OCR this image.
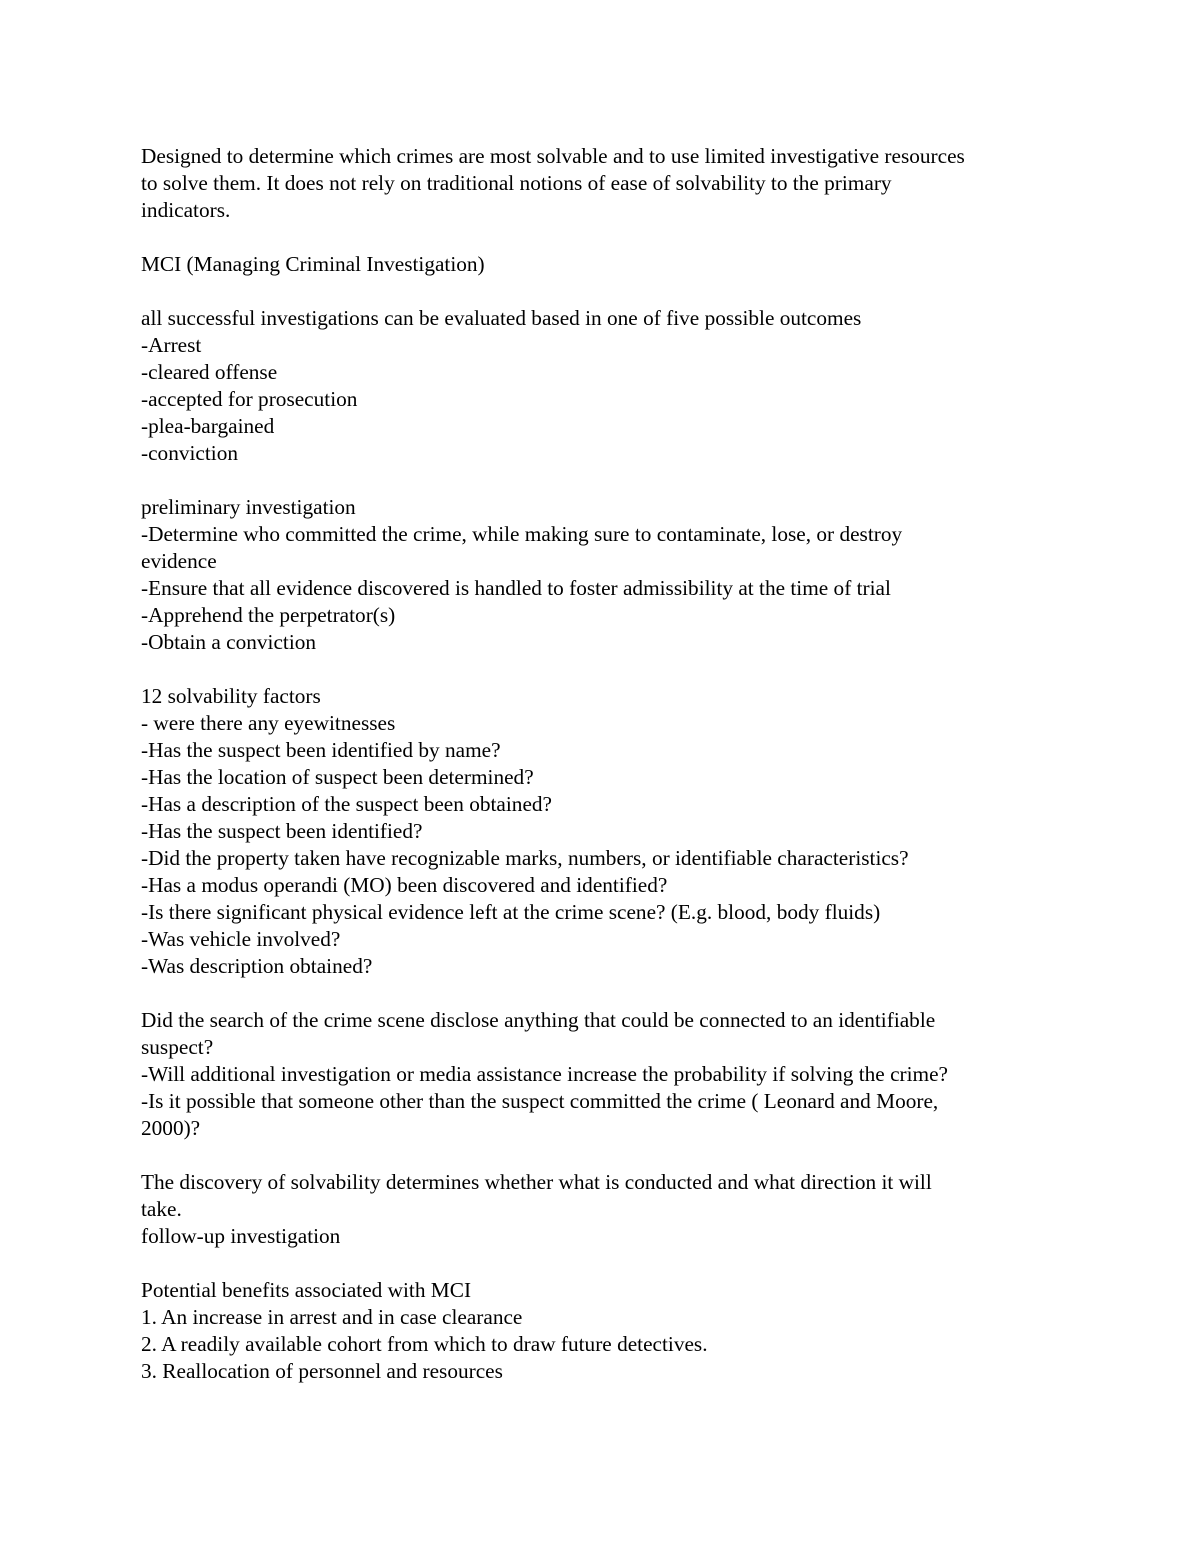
Designed to determine which crimes are most solvable and to use limited investigative resources
to solve them. It does not rely on traditional notions of ease of solvability to the primary
indicators.
MCI (Managing Criminal Investigation)
all successful investigations can be evaluated based in one of five possible outcomes
-Arrest
-cleared offense
-accepted for prosecution
-plea-bargained
-conviction
preliminary investigation
-Determine who committed the crime, while making sure to contaminate, lose, or destroy
evidence
-Ensure that all evidence discovered is handled to foster admissibility at the time of trial
-Apprehend the perpetrator(s)
-Obtain a conviction
12 solvability factors
- were there any eyewitnesses
-Has the suspect been identified by name?
-Has the location of suspect been determined?
-Has a description of the suspect been obtained?
-Has the suspect been identified?
-Did the property taken have recognizable marks, numbers, or identifiable characteristics?
-Has a modus operandi (MO) been discovered and identified?
-Is there significant physical evidence left at the crime scene? (E.g. blood, body fluids)
-Was vehicle involved?
-Was description obtained?
Did the search of the crime scene disclose anything that could be connected to an identifiable
suspect?
-Will additional investigation or media assistance increase the probability if solving the crime?
-Is it possible that someone other than the suspect committed the crime ( Leonard and Moore,
2000)?
The discovery of solvability determines whether what is conducted and what direction it will
take.
follow-up investigation
Potential benefits associated with MCI
1. An increase in arrest and in case clearance
2. A readily available cohort from which to draw future detectives.
3. Reallocation of personnel and resources
